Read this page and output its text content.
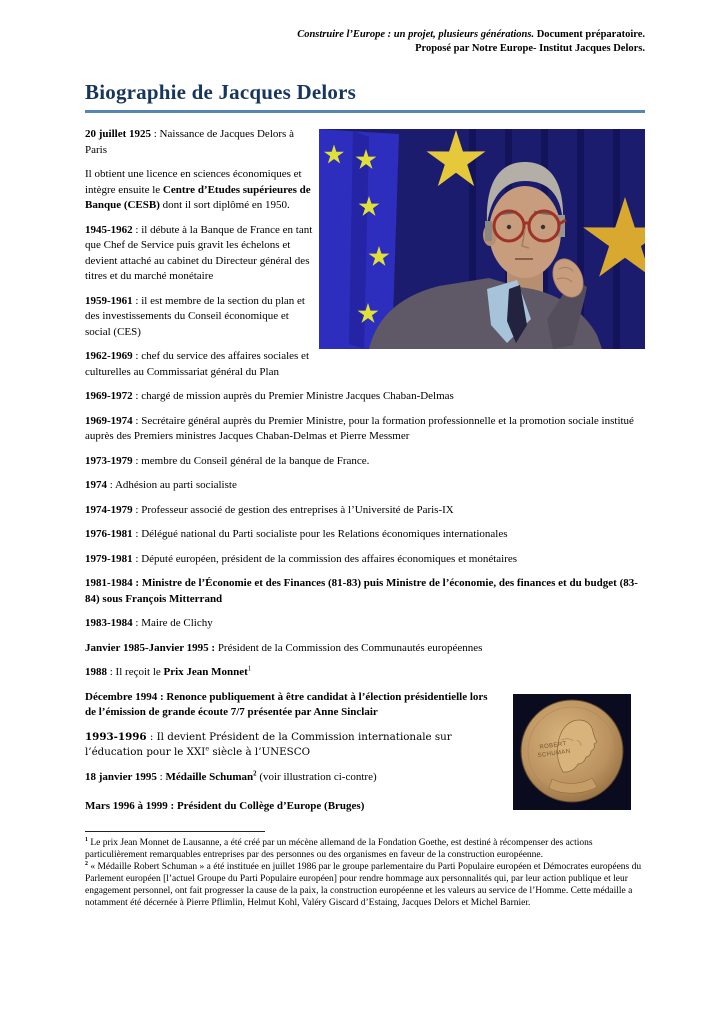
Construire l’Europe : un projet, plusieurs générations. Document préparatoire.
Proposé par Notre Europe- Institut Jacques Delors.
Biographie de Jacques Delors

20 juillet 1925 : Naissance de Jacques Delors à Paris

Il obtient une licence en sciences économiques et intègre ensuite le Centre d’Etudes supérieures de Banque (CESB) dont il sort diplômé en 1950.

1945-1962 : il débute à la Banque de France en tant que Chef de Service puis gravit les échelons et devient attaché au cabinet du Directeur général des titres et du marché monétaire

1959-1961 : il est membre de la section du plan et des investissements du Conseil économique et social (CES)

1962-1969 : chef du service des affaires sociales et culturelles au Commissariat général du Plan

1969-1972 : chargé de mission auprès du Premier Ministre Jacques Chaban-Delmas

1969-1974 : Secrétaire général auprès du Premier Ministre, pour la formation professionnelle et la promotion sociale institué auprès des Premiers ministres Jacques Chaban-Delmas et Pierre Messmer

1973-1979 : membre du Conseil général de la banque de France.

1974 : Adhésion au parti socialiste

1974-1979 : Professeur associé de gestion des entreprises à l’Université de Paris-IX

1976-1981 : Délégué national du Parti socialiste pour les Relations économiques internationales

1979-1981 : Député européen, président de la commission des affaires économiques et monétaires

1981-1984 : Ministre de l’Économie et des Finances (81-83) puis Ministre de l’économie, des finances et du budget (83-84) sous François Mitterrand

1983-1984 : Maire de Clichy

Janvier 1985-Janvier 1995 : Président de la Commission des Communautés européennes

1988 : Il reçoit le Prix Jean Monnet$^1$

ROBERT
SCHUMAN

Décembre 1994 : Renonce publiquement à être candidat à l’élection présidentielle lors de l’émission de grande écoute 7/7 présentée par Anne Sinclair

1993-1996 : Il devient Président de la Commission internationale sur l’éducation pour le XXIe siècle à l’UNESCO

18 janvier 1995 : Médaille Schuman$^2$ (voir illustration ci-contre)

Mars 1996 à 1999 : Président du Collège d’Europe (Bruges)

$^1$ Le prix Jean Monnet de Lausanne, a été créé par un mécène allemand de la Fondation Goethe, est destiné à récompenser des actions particulièrement remarquables entreprises par des personnes ou des organismes en faveur de la construction européenne.

$^2$ « Médaille Robert Schuman » a été instituée en juillet 1986 par le groupe parlementaire du Parti Populaire européen et Démocrates européens du Parlement européen [l’actuel Groupe du Parti Populaire européen] pour rendre hommage aux personnalités qui, par leur action publique et leur engagement personnel, ont fait progresser la cause de la paix, la construction européenne et les valeurs au service de l’Homme. Cette médaille a notamment été décernée à Pierre Pflimlin, Helmut Kohl, Valéry Giscard d’Estaing, Jacques Delors et Michel Barnier.
